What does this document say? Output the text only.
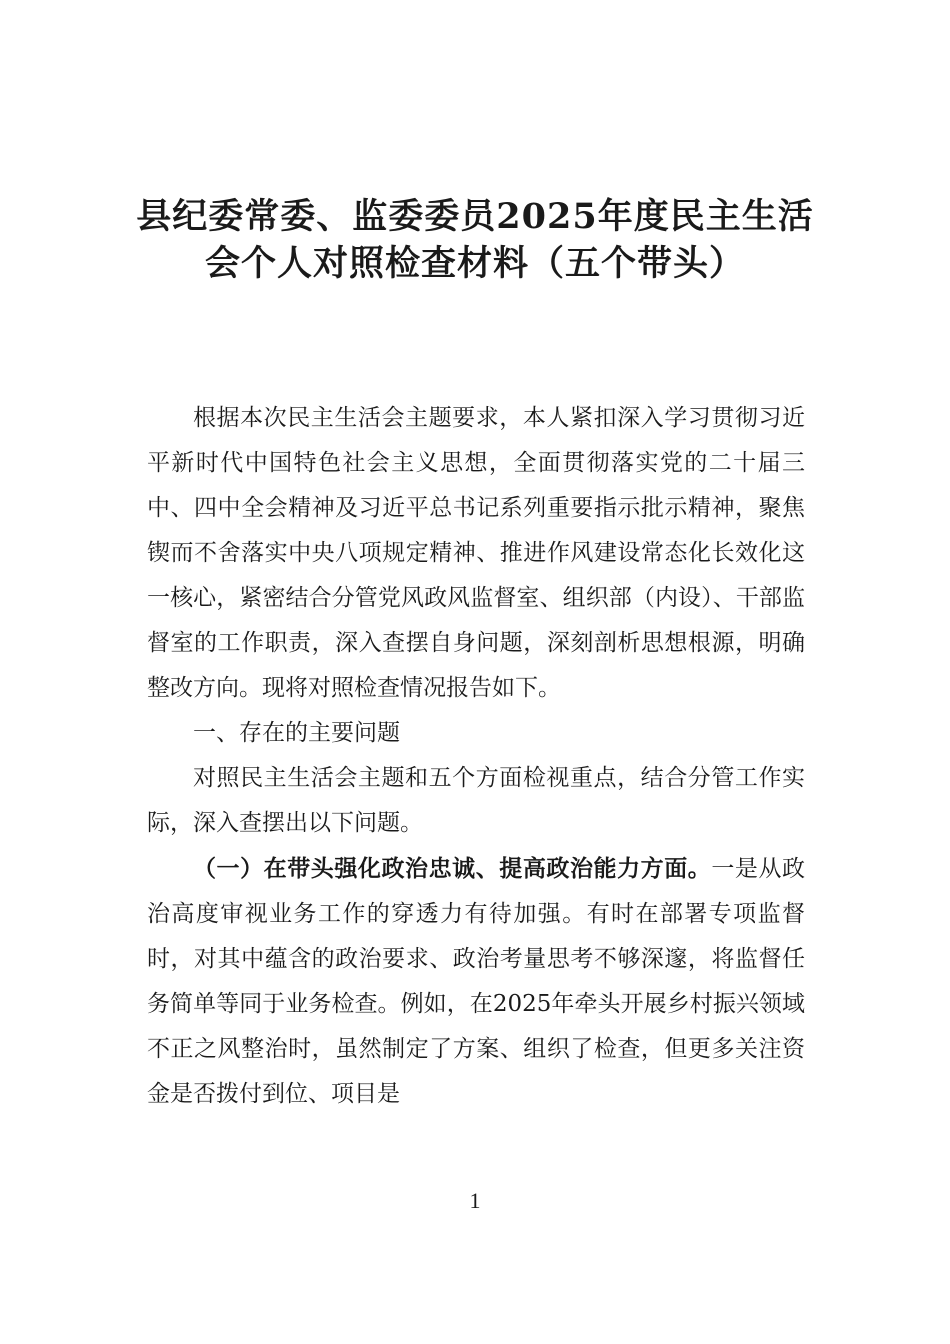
县纪委常委、监委委员2025年度民主生活
会个人对照检查材料（五个带头）

根据本次民主生活会主题要求，本人紧扣深入学习贯彻习近平新时代中国特色社会主义思想，全面贯彻落实党的二十届三中、四中全会精神及习近平总书记系列重要指示批示精神，聚焦锲而不舍落实中央八项规定精神、推进作风建设常态化长效化这一核心，紧密结合分管党风政风监督室、组织部（内设）、干部监督室的工作职责，深入查摆自身问题，深刻剖析思想根源，明确整改方向。现将对照检查情况报告如下。

一、存在的主要问题

对照民主生活会主题和五个方面检视重点，结合分管工作实际，深入查摆出以下问题。

（一）在带头强化政治忠诚、提高政治能力方面。一是从政治高度审视业务工作的穿透力有待加强。有时在部署专项监督时，对其中蕴含的政治要求、政治考量思考不够深邃，将监督任务简单等同于业务检查。例如，在2025年牵头开展乡村振兴领域不正之风整治时，虽然制定了方案、组织了检查，但更多关注资金是否拨付到位、项目是

1
